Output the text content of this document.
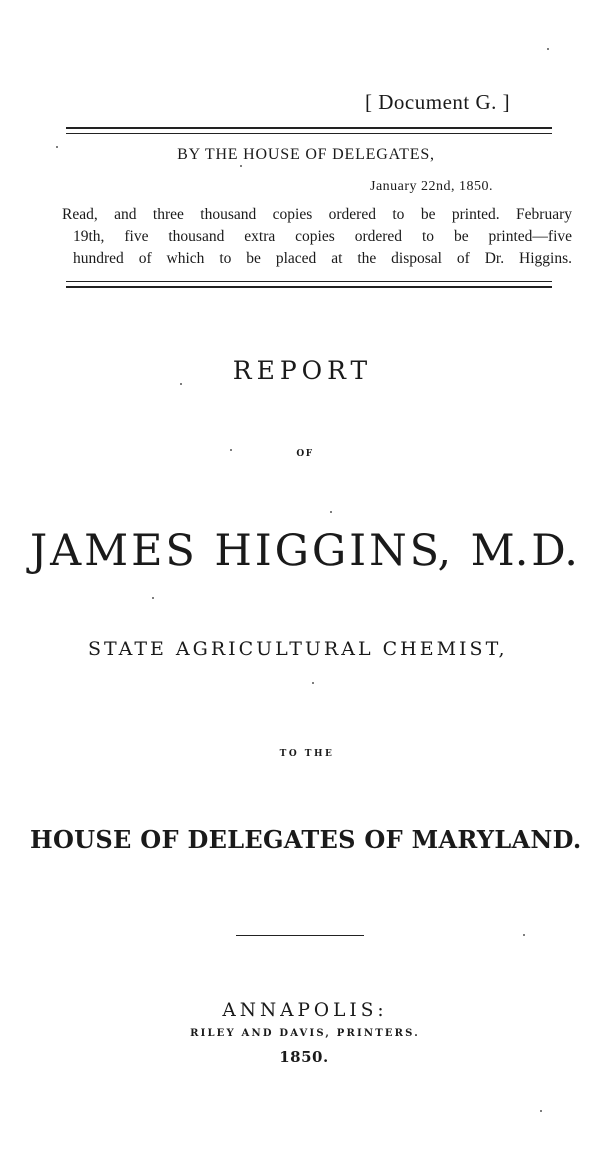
[ Document G. ]
BY THE HOUSE OF DELEGATES,
January 22nd, 1850.
Read, and three thousand copies ordered to be printed. February
19th, five thousand extra copies ordered to be printed—five
hundred of which to be placed at the disposal of Dr. Higgins.
REPORT
OF
J A M E S
H I G G I N S,
M. D.
STATE AGRICULTURAL CHEMIST,
TO THE
HOUSE OF DELEGATES OF MARYLAND.
ANNAPOLIS:
RILEY AND DAVIS, PRINTERS.
1850.
